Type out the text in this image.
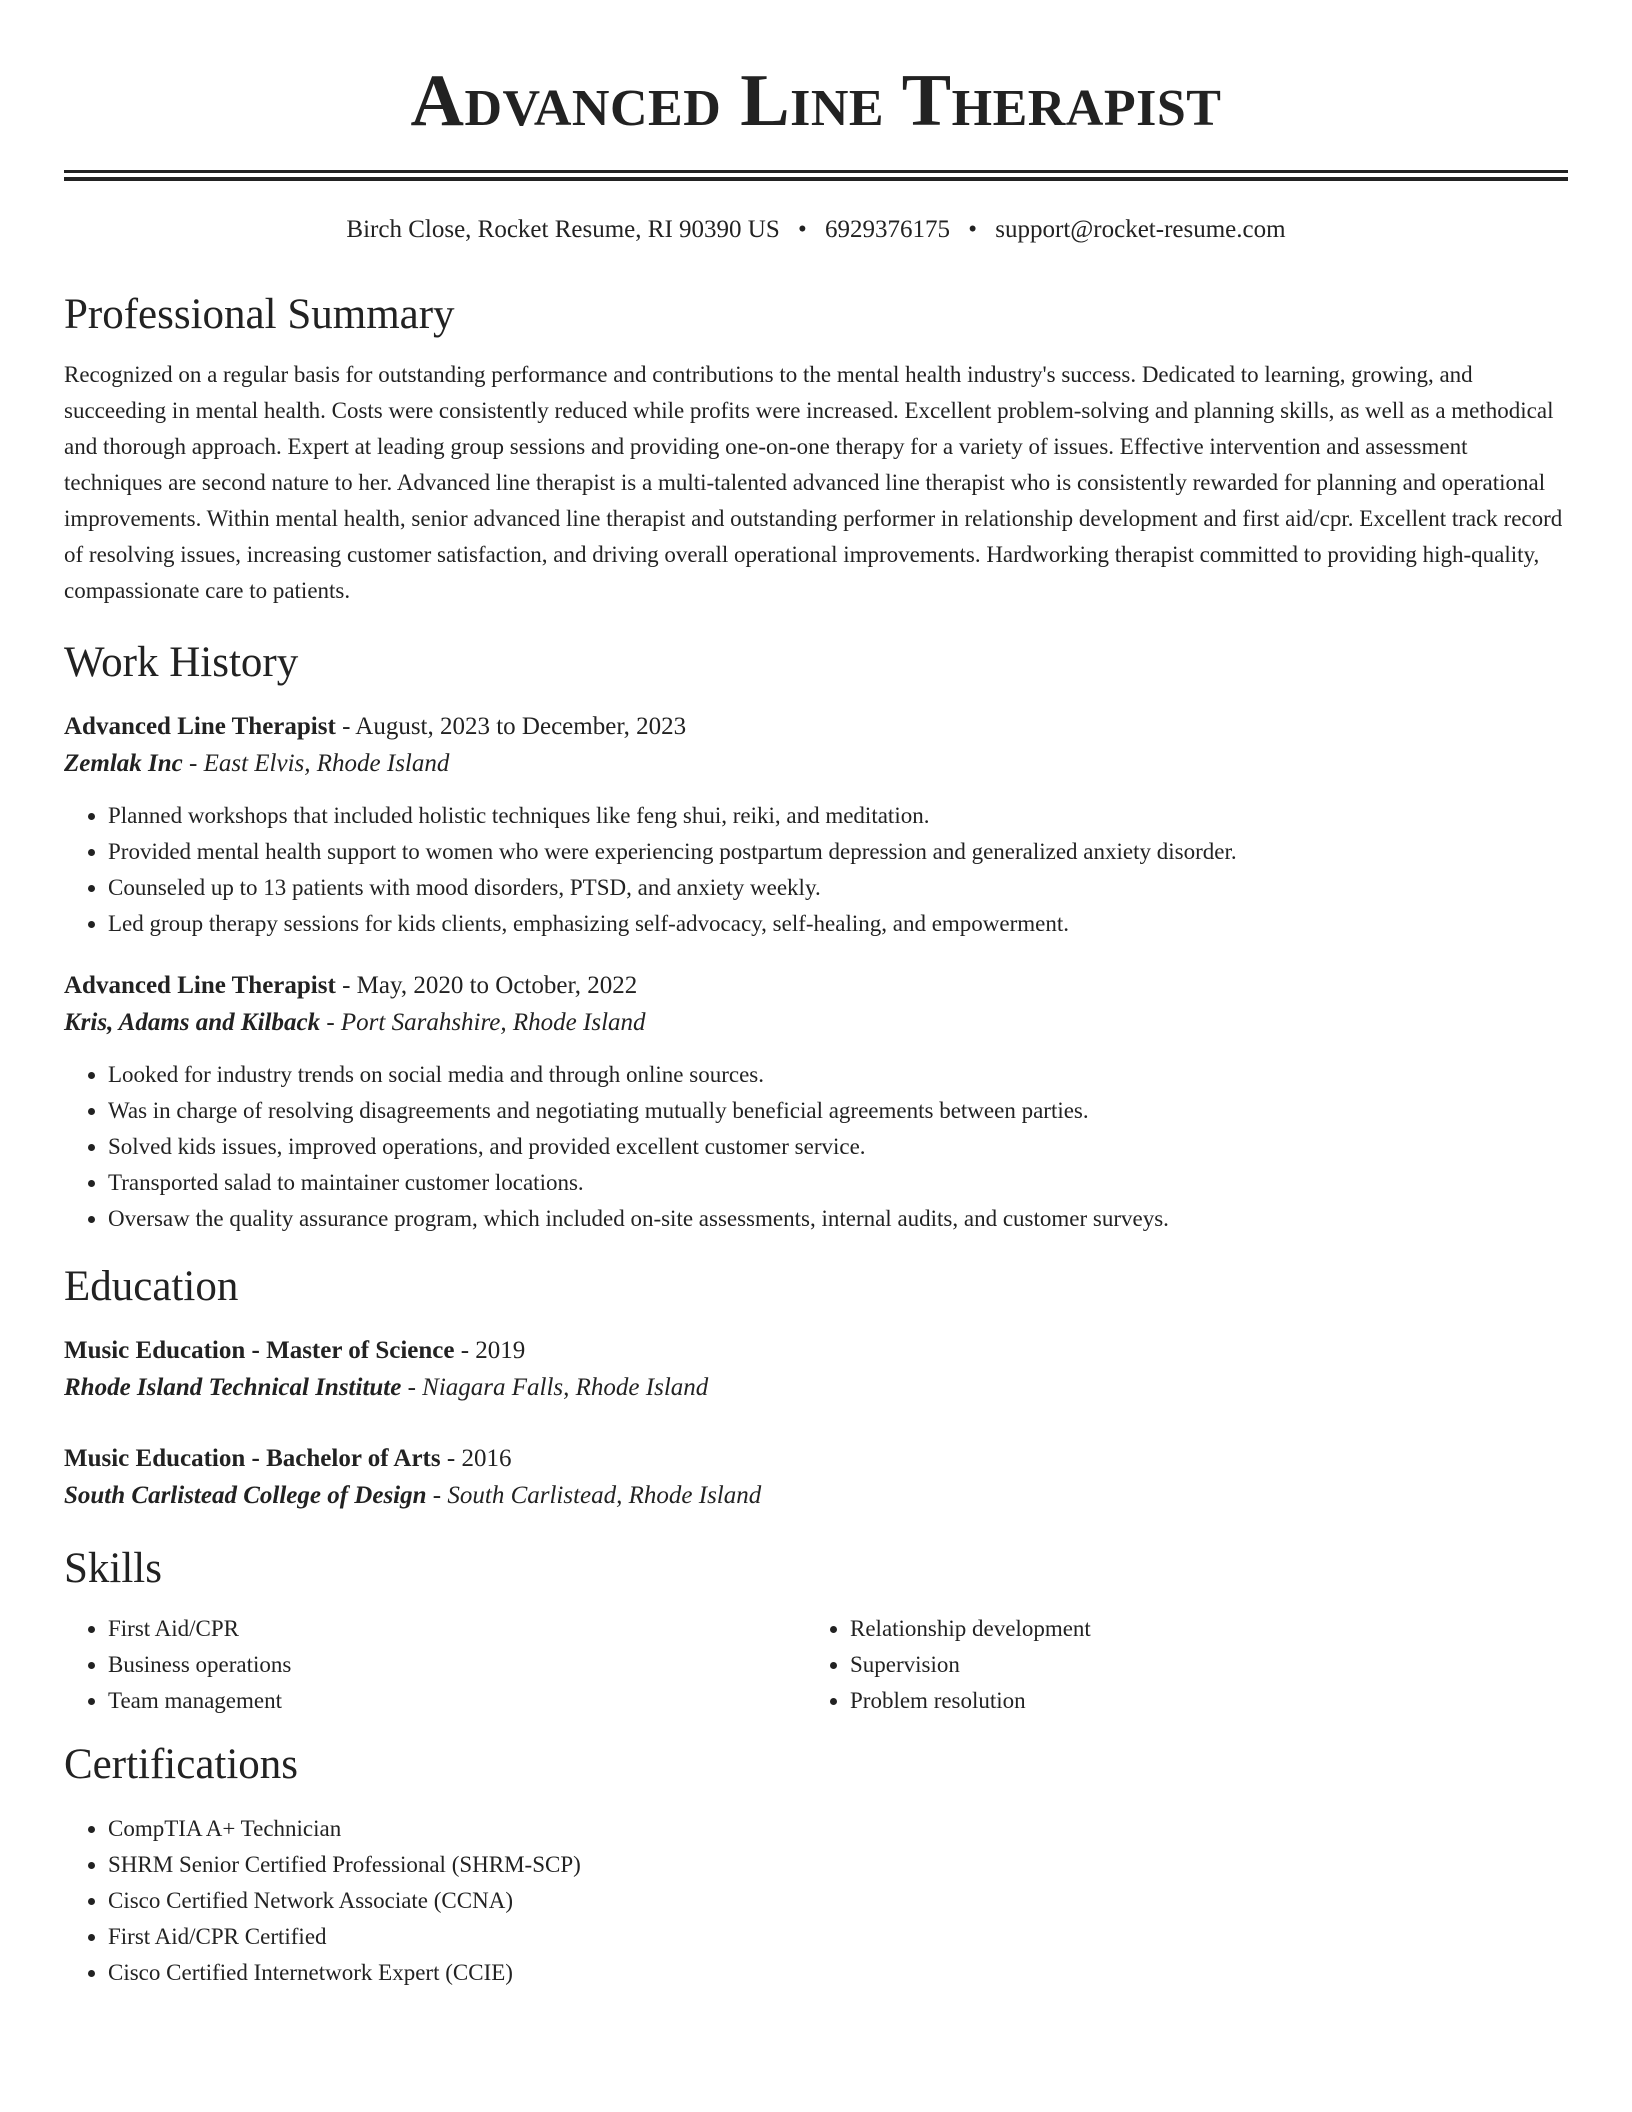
Advanced Line Therapist
Birch Close, Rocket Resume, RI 90390 US • 6929376175 • support@rocket-resume.com
Professional Summary

Recognized on a regular basis for outstanding performance and contributions to the mental health industry's success. Dedicated to learning, growing, and succeeding in mental health. Costs were consistently reduced while profits were increased. Excellent problem-solving and planning skills, as well as a methodical and thorough approach. Expert at leading group sessions and providing one-on-one therapy for a variety of issues. Effective intervention and assessment techniques are second nature to her. Advanced line therapist is a multi-talented advanced line therapist who is consistently rewarded for planning and operational improvements. Within mental health, senior advanced line therapist and outstanding performer in relationship development and first aid/cpr. Excellent track record of resolving issues, increasing customer satisfaction, and driving overall operational improvements. Hardworking therapist committed to providing high-quality, compassionate care to patients.

Work History
Advanced Line Therapist - August, 2023 to December, 2023
Zemlak Inc - East Elvis, Rhode Island
• Planned workshops that included holistic techniques like feng shui, reiki, and meditation.
• Provided mental health support to women who were experiencing postpartum depression and generalized anxiety disorder.
• Counseled up to 13 patients with mood disorders, PTSD, and anxiety weekly.
• Led group therapy sessions for kids clients, emphasizing self-advocacy, self-healing, and empowerment.
Advanced Line Therapist - May, 2020 to October, 2022
Kris, Adams and Kilback - Port Sarahshire, Rhode Island
• Looked for industry trends on social media and through online sources.
• Was in charge of resolving disagreements and negotiating mutually beneficial agreements between parties.
• Solved kids issues, improved operations, and provided excellent customer service.
• Transported salad to maintainer customer locations.
• Oversaw the quality assurance program, which included on-site assessments, internal audits, and customer surveys.
Education
Music Education - Master of Science - 2019
Rhode Island Technical Institute - Niagara Falls, Rhode Island
Music Education - Bachelor of Arts - 2016
South Carlistead College of Design - South Carlistead, Rhode Island
Skills
• First Aid/CPR
• Business operations
• Team management
• Relationship development
• Supervision
• Problem resolution
Certifications
• CompTIA A+ Technician
• SHRM Senior Certified Professional (SHRM-SCP)
• Cisco Certified Network Associate (CCNA)
• First Aid/CPR Certified
• Cisco Certified Internetwork Expert (CCIE)
